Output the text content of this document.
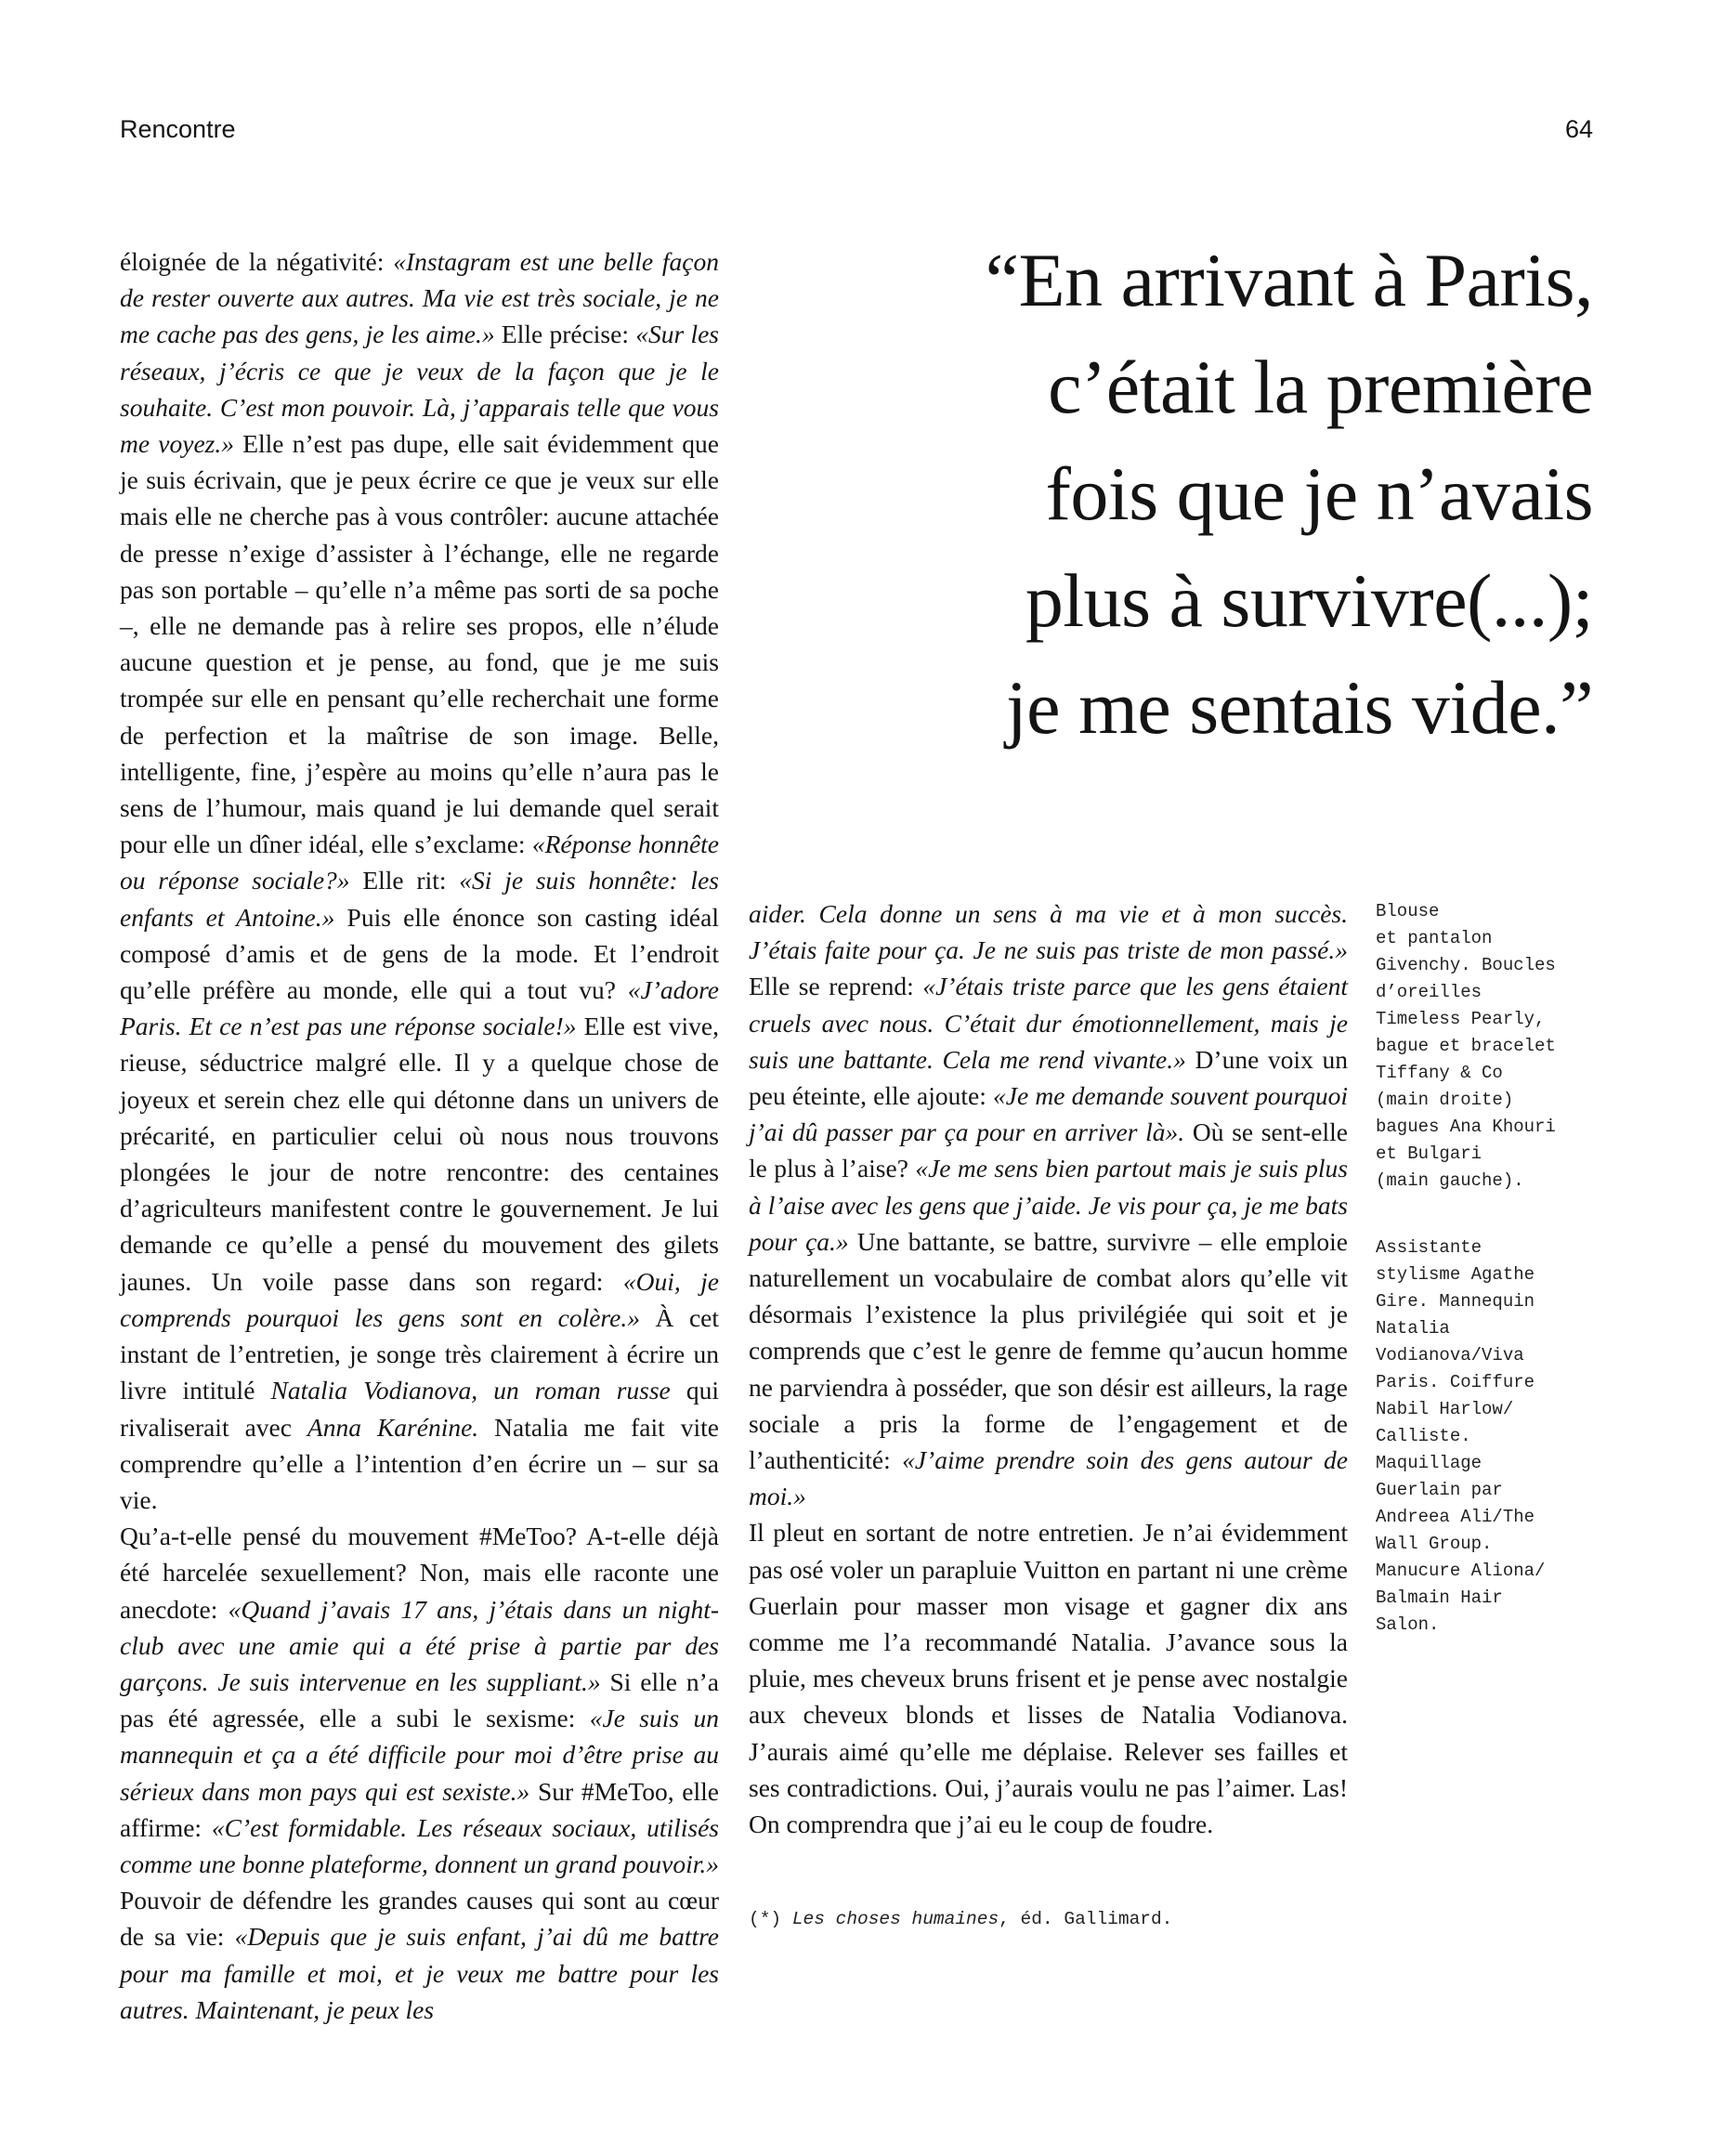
Rencontre	64

éloignée de la négativité: «Instagram est une belle façon de rester ouverte aux autres. Ma vie est très sociale, je ne me cache pas des gens, je les aime.» Elle précise: «Sur les réseaux, j’écris ce que je veux de la façon que je le souhaite. C’est mon pouvoir. Là, j’apparais telle que vous me voyez.» Elle n’est pas dupe, elle sait évidemment que je suis écrivain, que je peux écrire ce que je veux sur elle mais elle ne cherche pas à vous contrôler: aucune attachée de presse n’exige d’assister à l’échange, elle ne regarde pas son portable – qu’elle n’a même pas sorti de sa poche –, elle ne demande pas à relire ses propos, elle n’élude aucune question et je pense, au fond, que je me suis trompée sur elle en pensant qu’elle recherchait une forme de perfection et la maîtrise de son image. Belle, intelligente, fine, j’espère au moins qu’elle n’aura pas le sens de l’humour, mais quand je lui demande quel serait pour elle un dîner idéal, elle s’exclame: «Réponse honnête ou réponse sociale?» Elle rit: «Si je suis honnête: les enfants et Antoine.» Puis elle énonce son casting idéal composé d’amis et de gens de la mode. Et l’endroit qu’elle préfère au monde, elle qui a tout vu? «J’adore Paris. Et ce n’est pas une réponse sociale!» Elle est vive, rieuse, séductrice malgré elle. Il y a quelque chose de joyeux et serein chez elle qui détonne dans un univers de précarité, en particulier celui où nous nous trouvons plongées le jour de notre rencontre: des centaines d’agriculteurs manifestent contre le gouvernement. Je lui demande ce qu’elle a pensé du mouvement des gilets jaunes. Un voile passe dans son regard: «Oui, je comprends pourquoi les gens sont en colère.» À cet instant de l’entretien, je songe très clairement à écrire un livre intitulé Natalia Vodianova, un roman russe qui rivaliserait avec Anna Karénine. Natalia me fait vite comprendre qu’elle a l’intention d’en écrire un – sur sa vie.

Qu’a-t-elle pensé du mouvement #MeToo? A-t-elle déjà été harcelée sexuellement? Non, mais elle raconte une anecdote: «Quand j’avais 17 ans, j’étais dans un night-club avec une amie qui a été prise à partie par des garçons. Je suis intervenue en les suppliant.» Si elle n’a pas été agressée, elle a subi le sexisme: «Je suis un mannequin et ça a été difficile pour moi d’être prise au sérieux dans mon pays qui est sexiste.» Sur #MeToo, elle affirme: «C’est formidable. Les réseaux sociaux, utilisés comme une bonne plateforme, donnent un grand pouvoir.» Pouvoir de défendre les grandes causes qui sont au cœur de sa vie: «Depuis que je suis enfant, j’ai dû me battre pour ma famille et moi, et je veux me battre pour les autres. Maintenant, je peux les

“En arrivant à Paris,
c’était la première
fois que je n’avais
plus à survivre(...);
je me sentais vide.”

aider. Cela donne un sens à ma vie et à mon succès. J’étais faite pour ça. Je ne suis pas triste de mon passé.» Elle se reprend: «J’étais triste parce que les gens étaient cruels avec nous. C’était dur émotionnellement, mais je suis une battante. Cela me rend vivante.» D’une voix un peu éteinte, elle ajoute: «Je me demande souvent pourquoi j’ai dû passer par ça pour en arriver là». Où se sent-elle le plus à l’aise? «Je me sens bien partout mais je suis plus à l’aise avec les gens que j’aide. Je vis pour ça, je me bats pour ça.» Une battante, se battre, survivre – elle emploie naturellement un vocabulaire de combat alors qu’elle vit désormais l’existence la plus privilégiée qui soit et je comprends que c’est le genre de femme qu’aucun homme ne parviendra à posséder, que son désir est ailleurs, la rage sociale a pris la forme de l’engagement et de l’authenticité: «J’aime prendre soin des gens autour de moi.»

Il pleut en sortant de notre entretien. Je n’ai évidemment pas osé voler un parapluie Vuitton en partant ni une crème Guerlain pour masser mon visage et gagner dix ans comme me l’a recommandé Natalia. J’avance sous la pluie, mes cheveux bruns frisent et je pense avec nostalgie aux cheveux blonds et lisses de Natalia Vodianova. J’aurais aimé qu’elle me déplaise. Relever ses failles et ses contradictions. Oui, j’aurais voulu ne pas l’aimer. Las! On comprendra que j’ai eu le coup de foudre.

Blouse
et pantalon
Givenchy. Boucles
d’oreilles
Timeless Pearly,
bague et bracelet
Tiffany & Co
(main droite)
bagues Ana Khouri
et Bulgari
(main gauche).
Assistante
stylisme Agathe
Gire. Mannequin
Natalia
Vodianova/Viva
Paris. Coiffure
Nabil Harlow/
Calliste.
Maquillage
Guerlain par
Andreea Ali/The
Wall Group.
Manucure Aliona/
Balmain Hair
Salon.

(*) Les choses humaines, éd. Gallimard.
